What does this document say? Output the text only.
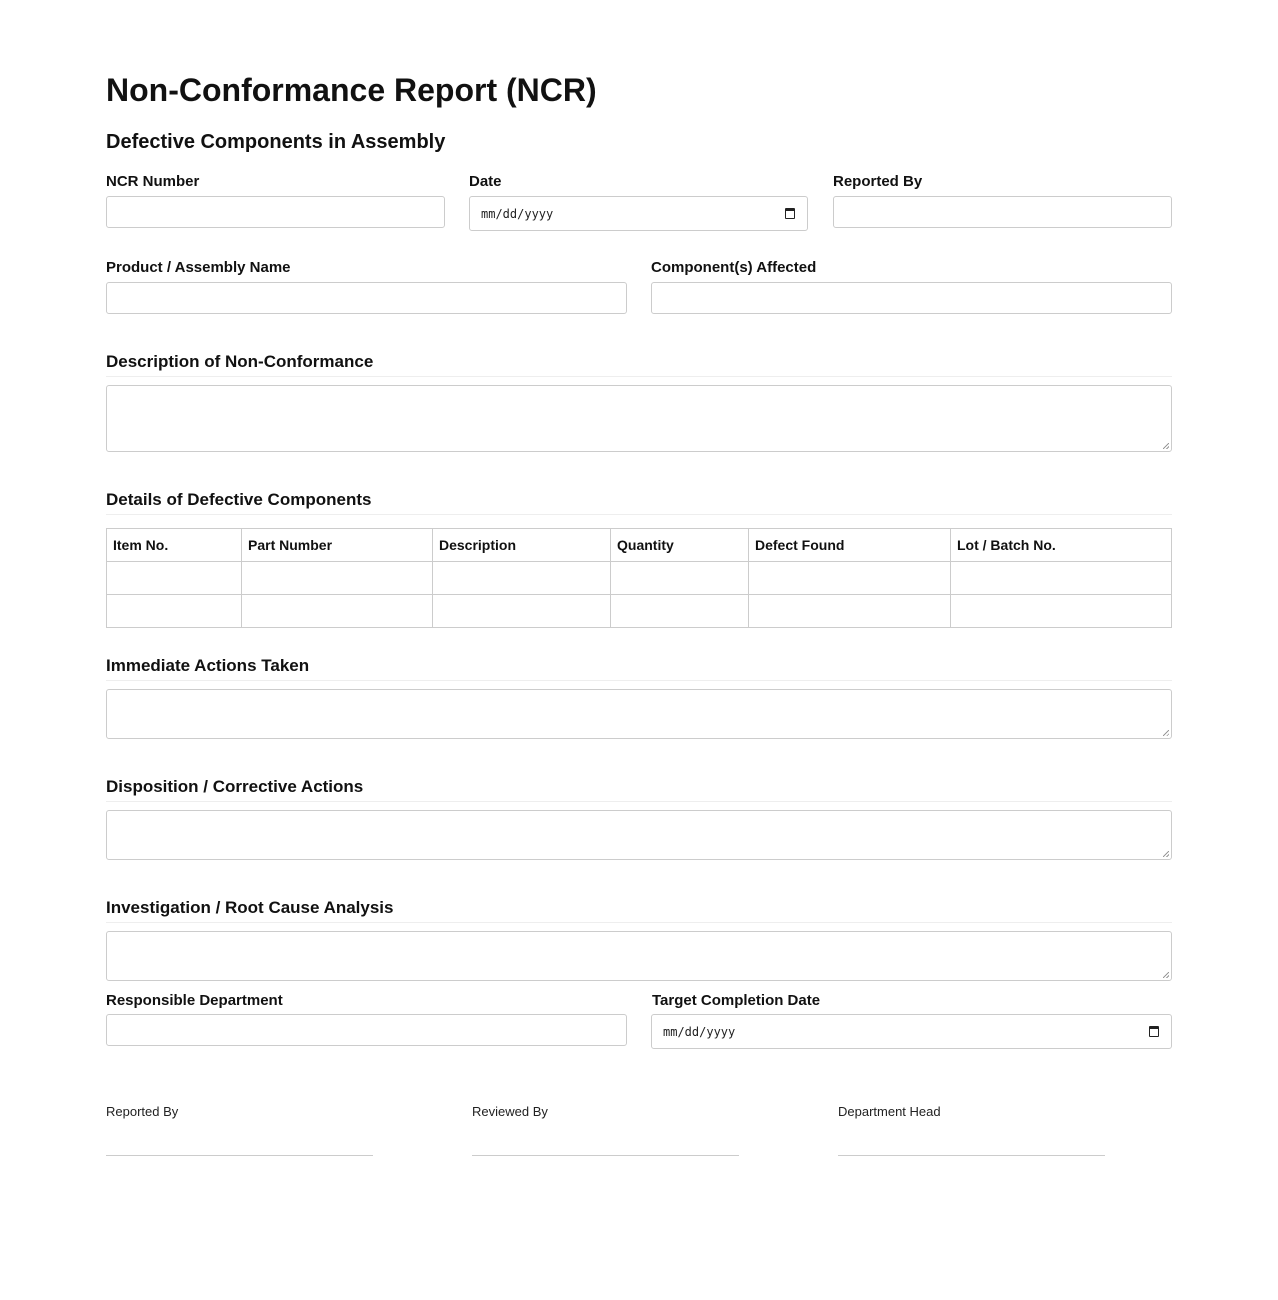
Non-Conformance Report (NCR)
Defective Components in Assembly
NCR Number	Date
mm/dd/yyyy
Reported By
Product / Assembly Name	Component(s) Affected
Description of Non-Conformance
Details of Defective Components
Item No.	Part Number	Description	Quantity	Defect Found	Lot / Batch No.

Immediate Actions Taken
Disposition / Corrective Actions
Investigation / Root Cause Analysis
Responsible Department	Target Completion Date
mm/dd/yyyy
Reported By	Reviewed By	Department Head
